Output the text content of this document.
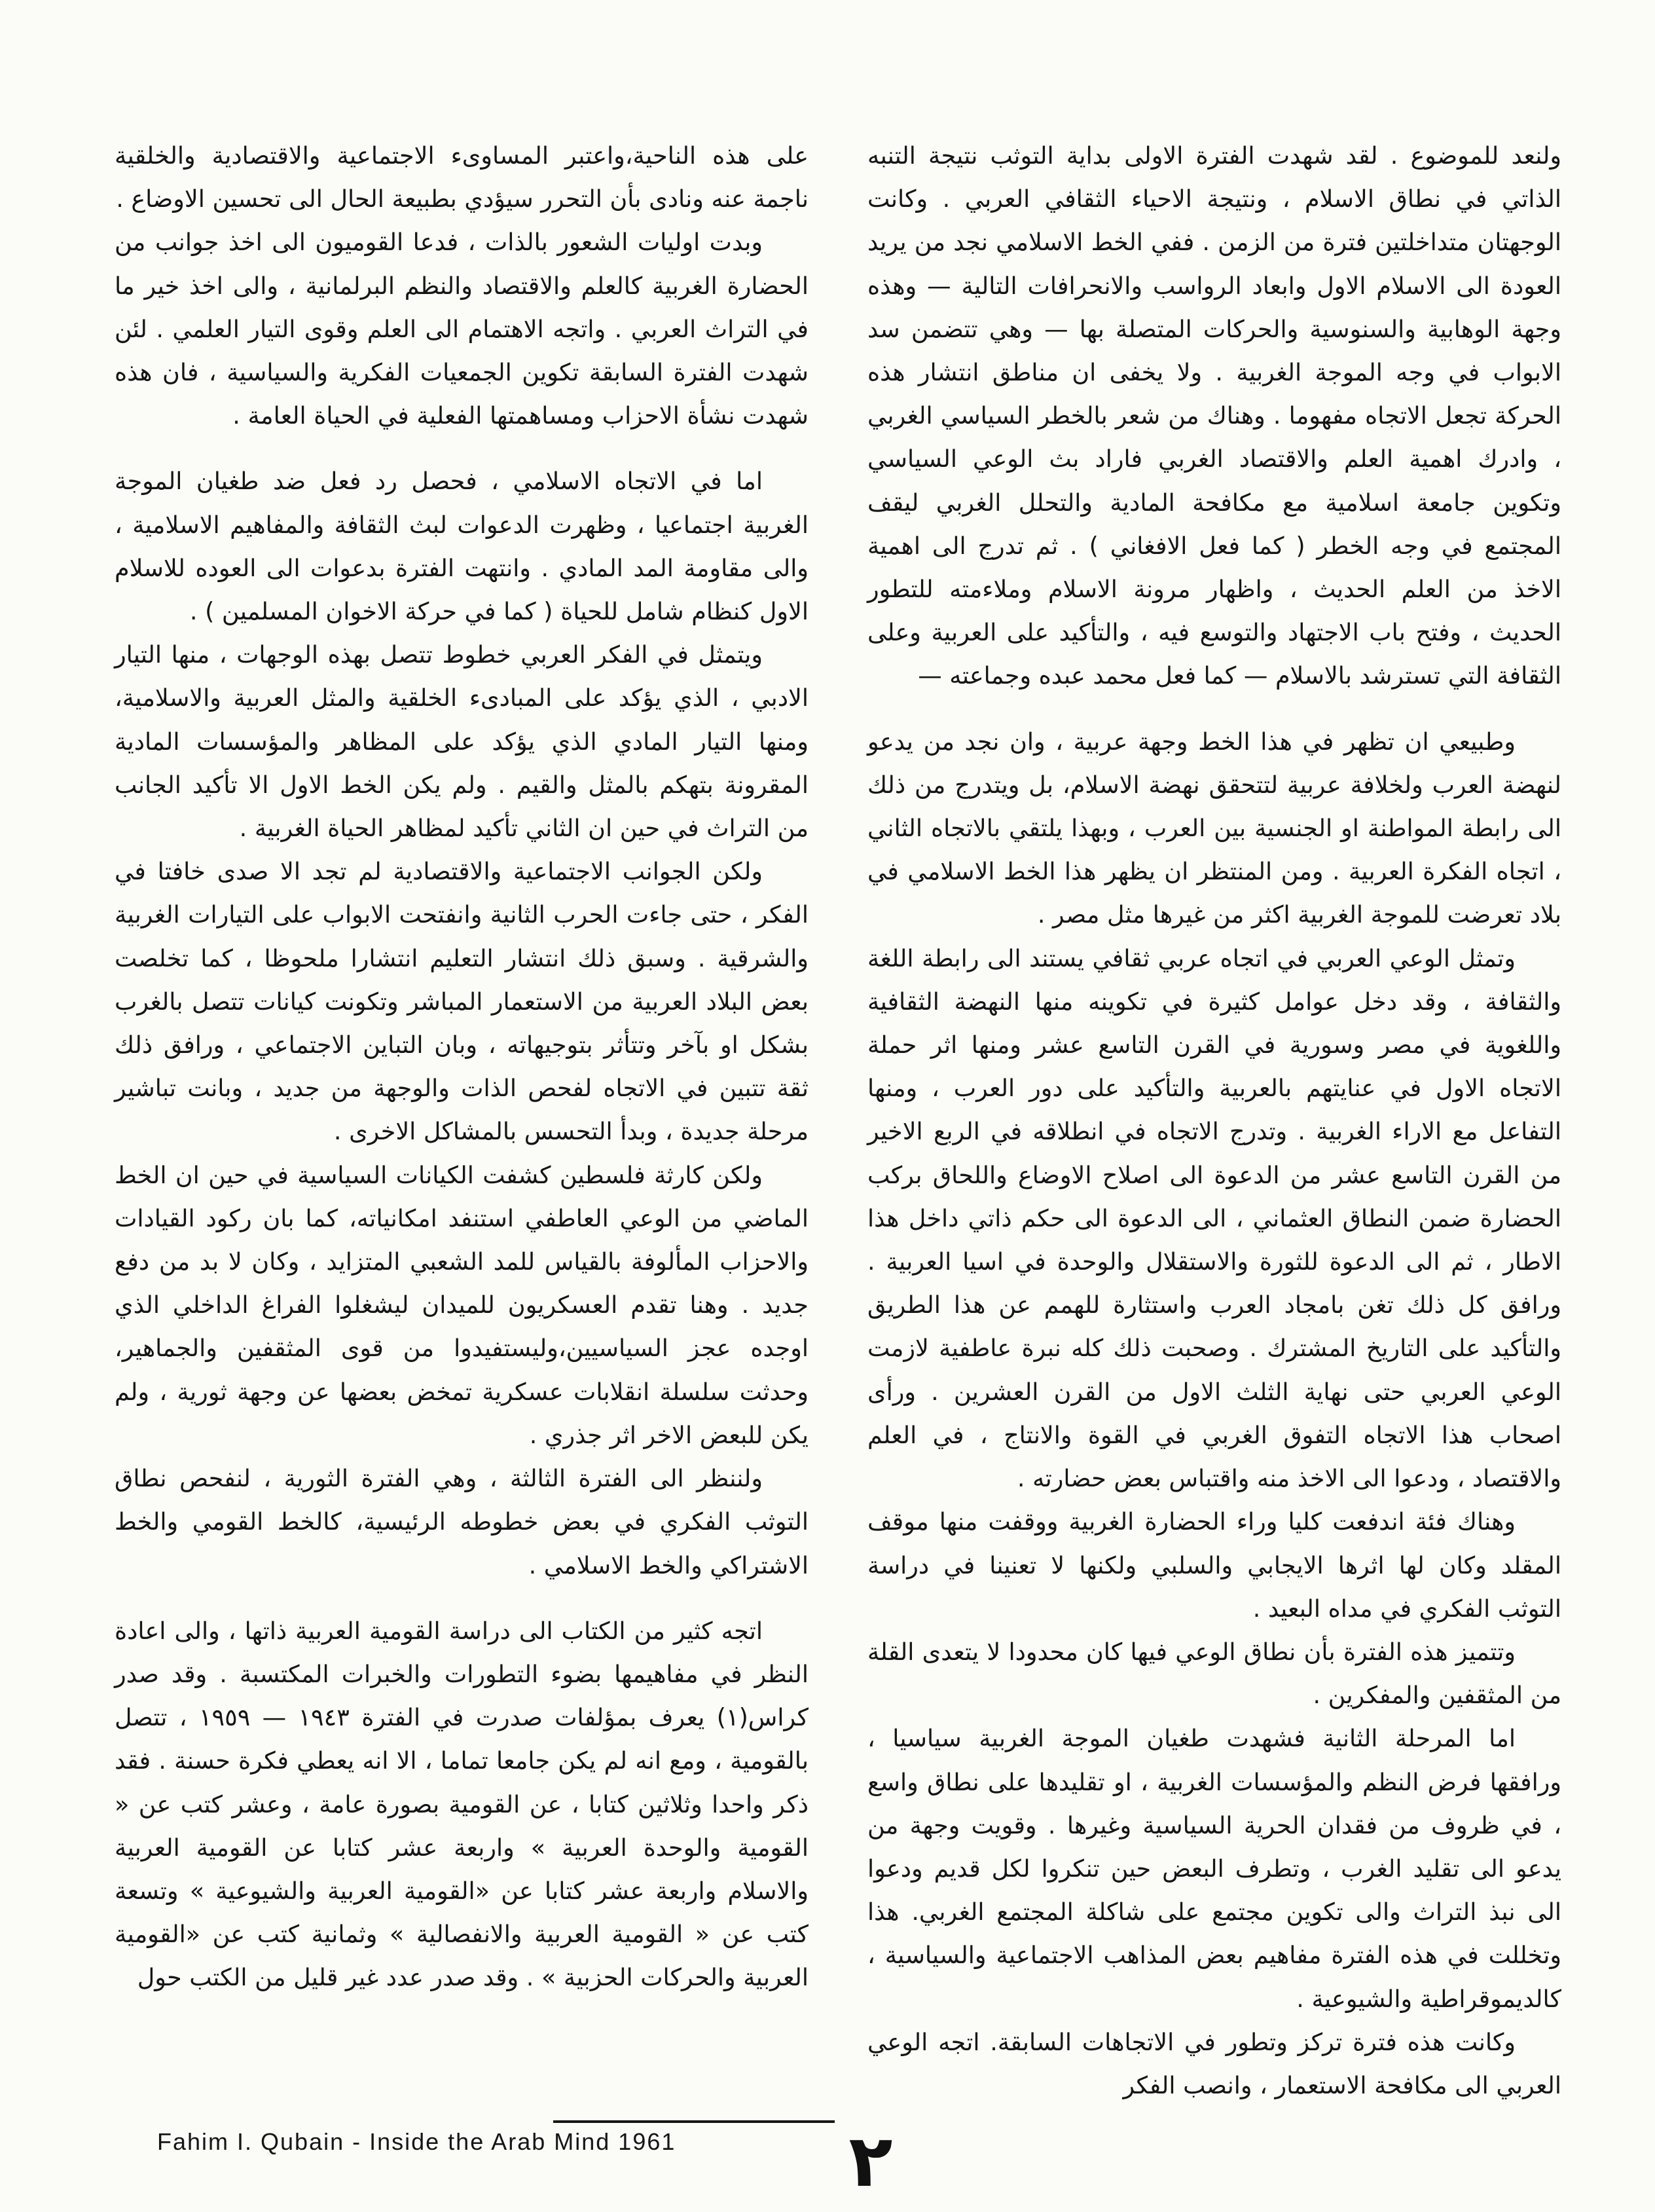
ولنعد للموضوع . لقد شهدت الفترة الاولى بداية التوثب نتيجة التنبه الذاتي في نطاق الاسلام ، ونتيجة الاحياء الثقافي العربي . وكانت الوجهتان متداخلتين فترة من الزمن . ففي الخط الاسلامي نجد من يريد العودة الى الاسلام الاول وابعاد الرواسب والانحرافات التالية — وهذه وجهة الوهابية والسنوسية والحركات المتصلة بها — وهي تتضمن سد الابواب في وجه الموجة الغربية . ولا يخفى ان مناطق انتشار هذه الحركة تجعل الاتجاه مفهوما . وهناك من شعر بالخطر السياسي الغربي ، وادرك اهمية العلم والاقتصاد الغربي فاراد بث الوعي السياسي وتكوين جامعة اسلامية مع مكافحة المادية والتحلل الغربي ليقف المجتمع في وجه الخطر ( كما فعل الافغاني ) . ثم تدرج الى اهمية الاخذ من العلم الحديث ، واظهار مرونة الاسلام وملاءمته للتطور الحديث ، وفتح باب الاجتهاد والتوسع فيه ، والتأكيد على العربية وعلى الثقافة التي تسترشد بالاسلام — كما فعل محمد عبده وجماعته —

وطبيعي ان تظهر في هذا الخط وجهة عربية ، وان نجد من يدعو لنهضة العرب ولخلافة عربية لتتحقق نهضة الاسلام، بل ويتدرج من ذلك الى رابطة المواطنة او الجنسية بين العرب ، وبهذا يلتقي بالاتجاه الثاني ، اتجاه الفكرة العربية . ومن المنتظر ان يظهر هذا الخط الاسلامي في بلاد تعرضت للموجة الغربية اكثر من غيرها مثل مصر .

وتمثل الوعي العربي في اتجاه عربي ثقافي يستند الى رابطة اللغة والثقافة ، وقد دخل عوامل كثيرة في تكوينه منها النهضة الثقافية واللغوية في مصر وسورية في القرن التاسع عشر ومنها اثر حملة الاتجاه الاول في عنايتهم بالعربية والتأكيد على دور العرب ، ومنها التفاعل مع الاراء الغربية . وتدرج الاتجاه في انطلاقه في الربع الاخير من القرن التاسع عشر من الدعوة الى اصلاح الاوضاع واللحاق بركب الحضارة ضمن النطاق العثماني ، الى الدعوة الى حكم ذاتي داخل هذا الاطار ، ثم الى الدعوة للثورة والاستقلال والوحدة في اسيا العربية . ورافق كل ذلك تغن بامجاد العرب واستثارة للهمم عن هذا الطريق والتأكيد على التاريخ المشترك . وصحبت ذلك كله نبرة عاطفية لازمت الوعي العربي حتى نهاية الثلث الاول من القرن العشرين . ورأى اصحاب هذا الاتجاه التفوق الغربي في القوة والانتاج ، في العلم والاقتصاد ، ودعوا الى الاخذ منه واقتباس بعض حضارته .

وهناك فئة اندفعت كليا وراء الحضارة الغربية ووقفت منها موقف المقلد وكان لها اثرها الايجابي والسلبي ولكنها لا تعنينا في دراسة التوثب الفكري في مداه البعيد .

وتتميز هذه الفترة بأن نطاق الوعي فيها كان محدودا لا يتعدى القلة من المثقفين والمفكرين .

اما المرحلة الثانية فشهدت طغيان الموجة الغربية سياسيا ، ورافقها فرض النظم والمؤسسات الغربية ، او تقليدها على نطاق واسع ، في ظروف من فقدان الحرية السياسية وغيرها . وقويت وجهة من يدعو الى تقليد الغرب ، وتطرف البعض حين تنكروا لكل قديم ودعوا الى نبذ التراث والى تكوين مجتمع على شاكلة المجتمع الغربي. هذا وتخللت في هذه الفترة مفاهيم بعض المذاهب الاجتماعية والسياسية ، كالديموقراطية والشيوعية .

وكانت هذه فترة تركز وتطور في الاتجاهات السابقة. اتجه الوعي العربي الى مكافحة الاستعمار ، وانصب الفكر

على هذه الناحية،واعتبر المساوىء الاجتماعية والاقتصادية والخلقية ناجمة عنه ونادى بأن التحرر سيؤدي بطبيعة الحال الى تحسين الاوضاع .

وبدت اوليات الشعور بالذات ، فدعا القوميون الى اخذ جوانب من الحضارة الغربية كالعلم والاقتصاد والنظم البرلمانية ، والى اخذ خير ما في التراث العربي . واتجه الاهتمام الى العلم وقوى التيار العلمي . لئن شهدت الفترة السابقة تكوين الجمعيات الفكرية والسياسية ، فان هذه شهدت نشأة الاحزاب ومساهمتها الفعلية في الحياة العامة .

اما في الاتجاه الاسلامي ، فحصل رد فعل ضد طغيان الموجة الغربية اجتماعيا ، وظهرت الدعوات لبث الثقافة والمفاهيم الاسلامية ، والى مقاومة المد المادي . وانتهت الفترة بدعوات الى العوده للاسلام الاول كنظام شامل للحياة ( كما في حركة الاخوان المسلمين ) .

ويتمثل في الفكر العربي خطوط تتصل بهذه الوجهات ، منها التيار الادبي ، الذي يؤكد على المبادىء الخلقية والمثل العربية والاسلامية، ومنها التيار المادي الذي يؤكد على المظاهر والمؤسسات المادية المقرونة بتهكم بالمثل والقيم . ولم يكن الخط الاول الا تأكيد الجانب من التراث في حين ان الثاني تأكيد لمظاهر الحياة الغربية .

ولكن الجوانب الاجتماعية والاقتصادية لم تجد الا صدى خافتا في الفكر ، حتى جاءت الحرب الثانية وانفتحت الابواب على التيارات الغربية والشرقية . وسبق ذلك انتشار التعليم انتشارا ملحوظا ، كما تخلصت بعض البلاد العربية من الاستعمار المباشر وتكونت كيانات تتصل بالغرب بشكل او بآخر وتتأثر بتوجيهاته ، وبان التباين الاجتماعي ، ورافق ذلك ثقة تتبين في الاتجاه لفحص الذات والوجهة من جديد ، وبانت تباشير مرحلة جديدة ، وبدأ التحسس بالمشاكل الاخرى .

ولكن كارثة فلسطين كشفت الكيانات السياسية في حين ان الخط الماضي من الوعي العاطفي استنفد امكانياته، كما بان ركود القيادات والاحزاب المألوفة بالقياس للمد الشعبي المتزايد ، وكان لا بد من دفع جديد . وهنا تقدم العسكريون للميدان ليشغلوا الفراغ الداخلي الذي اوجده عجز السياسيين،وليستفيدوا من قوى المثقفين والجماهير، وحدثت سلسلة انقلابات عسكرية تمخض بعضها عن وجهة ثورية ، ولم يكن للبعض الاخر اثر جذري .

ولننظر الى الفترة الثالثة ، وهي الفترة الثورية ، لنفحص نطاق التوثب الفكري في بعض خطوطه الرئيسية، كالخط القومي والخط الاشتراكي والخط الاسلامي .

اتجه كثير من الكتاب الى دراسة القومية العربية ذاتها ، والى اعادة النظر في مفاهيمها بضوء التطورات والخبرات المكتسبة . وقد صدر كراس(١) يعرف بمؤلفات صدرت في الفترة ١٩٤٣ — ١٩٥٩ ، تتصل بالقومية ، ومع انه لم يكن جامعا تماما ، الا انه يعطي فكرة حسنة . فقد ذكر واحدا وثلاثين كتابا ، عن القومية بصورة عامة ، وعشر كتب عن « القومية والوحدة العربية » واربعة عشر كتابا عن القومية العربية والاسلام واربعة عشر كتابا عن «القومية العربية والشيوعية » وتسعة كتب عن « القومية العربية والانفصالية » وثمانية كتب عن «القومية العربية والحركات الحزبية » . وقد صدر عدد غير قليل من الكتب حول

Fahim I. Qubain - Inside the Arab Mind 1961	٢
